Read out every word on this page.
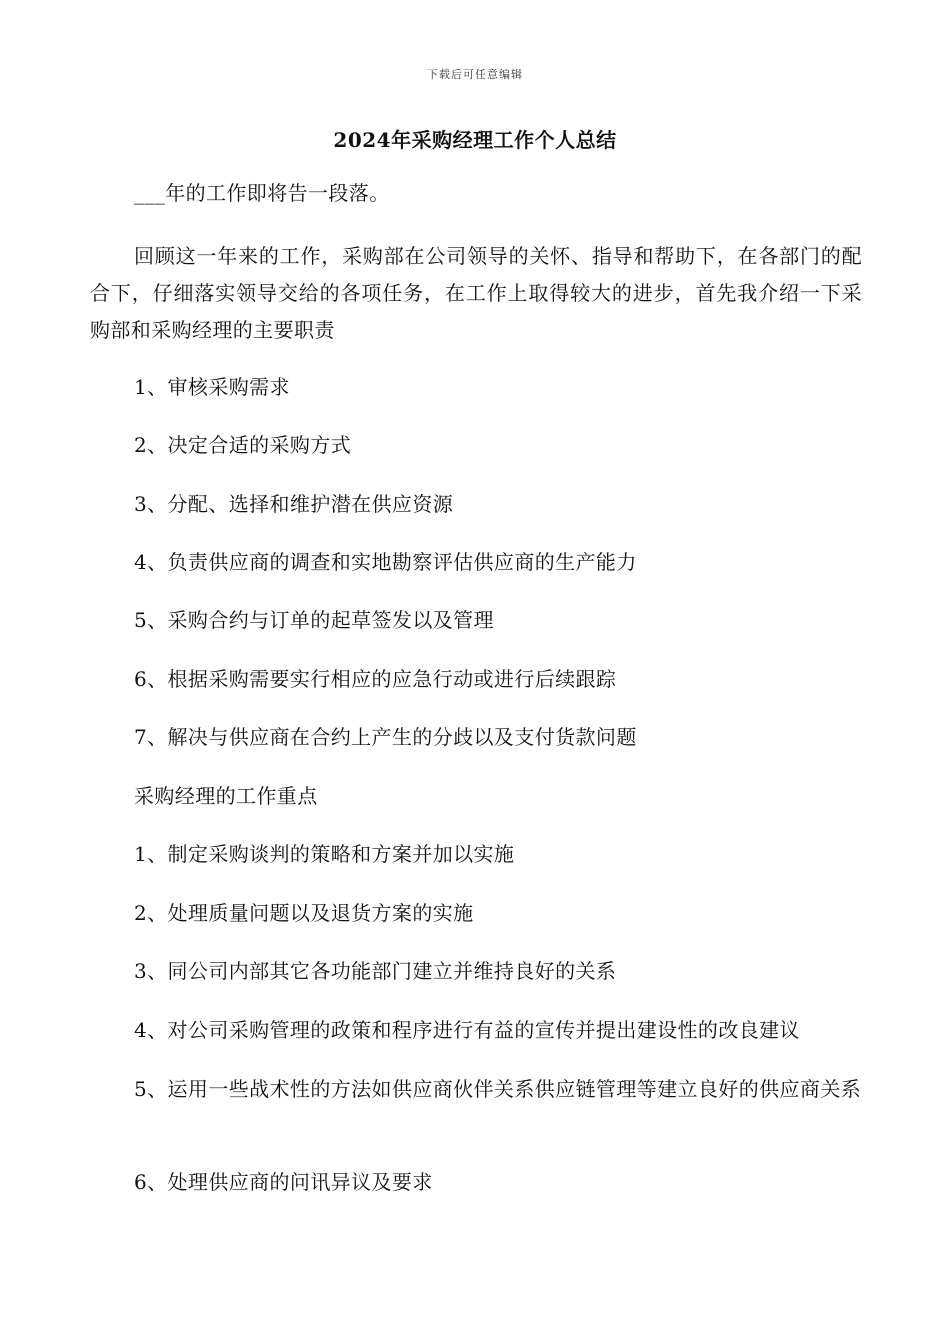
下载后可任意编辑
2024年采购经理工作个人总结
___年的工作即将告一段落。
回顾这一年来的工作，采购部在公司领导的关怀、指导和帮助下，在各部门的配合下，仔细落实领导交给的各项任务，在工作上取得较大的进步，首先我介绍一下采购部和采购经理的主要职责
1、审核采购需求
2、决定合适的采购方式
3、分配、选择和维护潜在供应资源
4、负责供应商的调查和实地勘察评估供应商的生产能力
5、采购合约与订单的起草签发以及管理
6、根据采购需要实行相应的应急行动或进行后续跟踪
7、解决与供应商在合约上产生的分歧以及支付货款问题
采购经理的工作重点
1、制定采购谈判的策略和方案并加以实施
2、处理质量问题以及退货方案的实施
3、同公司内部其它各功能部门建立并维持良好的关系
4、对公司采购管理的政策和程序进行有益的宣传并提出建设性的改良建议
5、运用一些战术性的方法如供应商伙伴关系供应链管理等建立良好的供应商关系
6、处理供应商的问讯异议及要求
